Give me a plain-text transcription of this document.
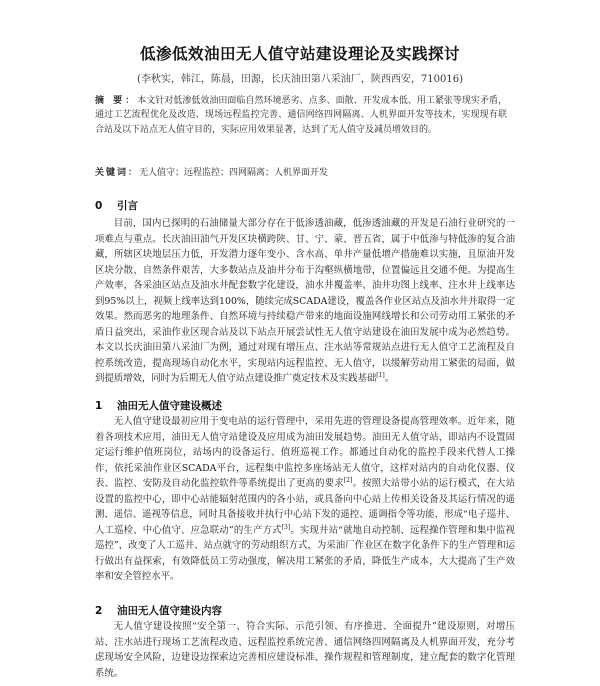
低渗低效油田无人值守站建设理论及实践探讨
(李秋实，韩江，陈晨，田源，长庆油田第八采油厂，陕西西安，710016)
摘 要：本文针对低渗低效油田面临自然环境恶劣、点多、面散、开发成本低、用工紧张等现实矛盾，通过工艺流程优化及改造、现场远程监控完善、通信网络四网隔离、人机界面开发等技术，实现现有联合站及以下站点无人值守目的，实际应用效果显著，达到了无人值守及减员增效目的。
关键词：无人值守；远程监控；四网隔离；人机界面开发
0 引言
目前，国内已探明的石油储量大部分存在于低渗透油藏，低渗透油藏的开发是石油行业研究的一项难点与重点。长庆油田油气开发区块横跨陕、甘、宁、蒙、晋五省，属于中低渗与特低渗的复合油藏，所辖区块地层压力低，开发潜力逐年变小、含水高、单井产量低增产措施难以实施，且原油开发区块分散、自然条件艰苦，大多数站点及油井分布于沟壑纵横地带，位置偏远且交通不便。为提高生产效率，各采油区站点及油水井配套数字化建设，油水井覆盖率、油井功图上线率、注水井上线率达到95%以上，视频上线率达到100%，随续完成SCADA建设，覆盖各作业区站点及油水井并取得一定效果。然而恶劣的地理条件、自然环境与持续稳产带来的地面设施网线增长和公司劳动用工紧张的矛盾日益突出，采油作业区现合站及以下站点开展尝试性无人值守站建设在油田发展中成为必然趋势。本文以长庆油田第八采油厂为例，通过对现有增压点、注水站等常规站点进行无人值守工艺流程及自控系统改造，提高现场自动化水平，实现站内远程监控、无人值守，以缓解劳动用工紧张的局面，做到提质增效，同时为后期无人值守站点建设推广奠定技术及实践基础[1]。
1 油田无人值守建设概述
无人值守建设最初应用于变电站的运行管理中，采用先进的管理设备提高管理效率。近年来，随着各项技术应用，油田无人值守站建设及应用成为油田发展趋势。油田无人值守站，即站内不设置固定运行维护值班岗位，站场内的设备运行、值班巡视工作。都通过自动化的监控手段来代替人工操作，依托采油作业区SCADA平台，远程集中监控多座场站无人值守，这样对站内的自动化仪器、仪表、监控、安防及自动化监控软件等系统提出了更高的要求[2]。按照大站带小站的运行模式，在大站设置的监控中心，即中心站能辐射范围内的各小站，或具备向中心站上传相关设备及其运行情况的遥测、遥信、遥视等信息，同时具备接收并执行中心站下发的遥控、遥调指令等功能，形成“电子巡井、人工巡检、中心值守、应急联动”的生产方式[3]。实现井站“就地自动控制、远程操作管理和集中监视巡控”，改变了人工巡井、站点就守的劳动组织方式，为采油厂作业区在数字化条件下的生产管理和运行做出有益探索，有效降低员工劳动强度，解决用工紧张的矛盾，降低生产成本，大大提高了生产效率和安全管控水平。
2 油田无人值守建设内容
无人值守建设按照“安全第一、符合实际、示范引领、有序推进、全面提升”建设原则，对增压站、注水站进行现场工艺流程改造、远程监控系统完善、通信网络四网隔离及人机界面开发，充分考虑现场安全风险，边建设边探索边完善相应建设标准、操作规程和管理制度，建立配套的数字化管理系统。
